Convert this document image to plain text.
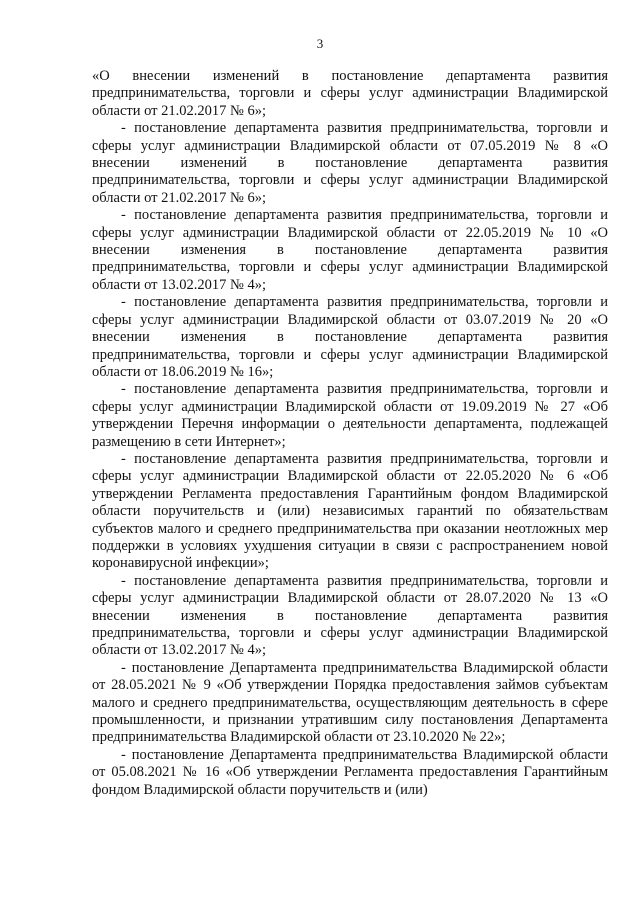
3

«О внесении изменений в постановление департамента развития предпринимательства, торговли и сферы услуг администрации Владимирской области от 21.02.2017 № 6»;

- постановление департамента развития предпринимательства, торговли и сферы услуг администрации Владимирской области от 07.05.2019 № 8 «О внесении изменений в постановление департамента развития предпринимательства, торговли и сферы услуг администрации Владимирской области от 21.02.2017 № 6»;

- постановление департамента развития предпринимательства, торговли и сферы услуг администрации Владимирской области от 22.05.2019 № 10 «О внесении изменения в постановление департамента развития предпринимательства, торговли и сферы услуг администрации Владимирской области от 13.02.2017 № 4»;

- постановление департамента развития предпринимательства, торговли и сферы услуг администрации Владимирской области от 03.07.2019 № 20 «О внесении изменения в постановление департамента развития предпринимательства, торговли и сферы услуг администрации Владимирской области от 18.06.2019 № 16»;

- постановление департамента развития предпринимательства, торговли и сферы услуг администрации Владимирской области от 19.09.2019 № 27 «Об утверждении Перечня информации о деятельности департамента, подлежащей размещению в сети Интернет»;

- постановление департамента развития предпринимательства, торговли и сферы услуг администрации Владимирской области от 22.05.2020 № 6 «Об утверждении Регламента предоставления Гарантийным фондом Владимирской области поручительств и (или) независимых гарантий по обязательствам субъектов малого и среднего предпринимательства при оказании неотложных мер поддержки в условиях ухудшения ситуации в связи с распространением новой коронавирусной инфекции»;

- постановление департамента развития предпринимательства, торговли и сферы услуг администрации Владимирской области от 28.07.2020 № 13 «О внесении изменения в постановление департамента развития предпринимательства, торговли и сферы услуг администрации Владимирской области от 13.02.2017 № 4»;

- постановление Департамента предпринимательства Владимирской области от 28.05.2021 № 9 «Об утверждении Порядка предоставления займов субъектам малого и среднего предпринимательства, осуществляющим деятельность в сфере промышленности, и признании утратившим силу постановления Департамента предпринимательства Владимирской области от 23.10.2020 № 22»;

- постановление Департамента предпринимательства Владимирской области от 05.08.2021 № 16 «Об утверждении Регламента предоставления Гарантийным фондом Владимирской области поручительств и (или)
